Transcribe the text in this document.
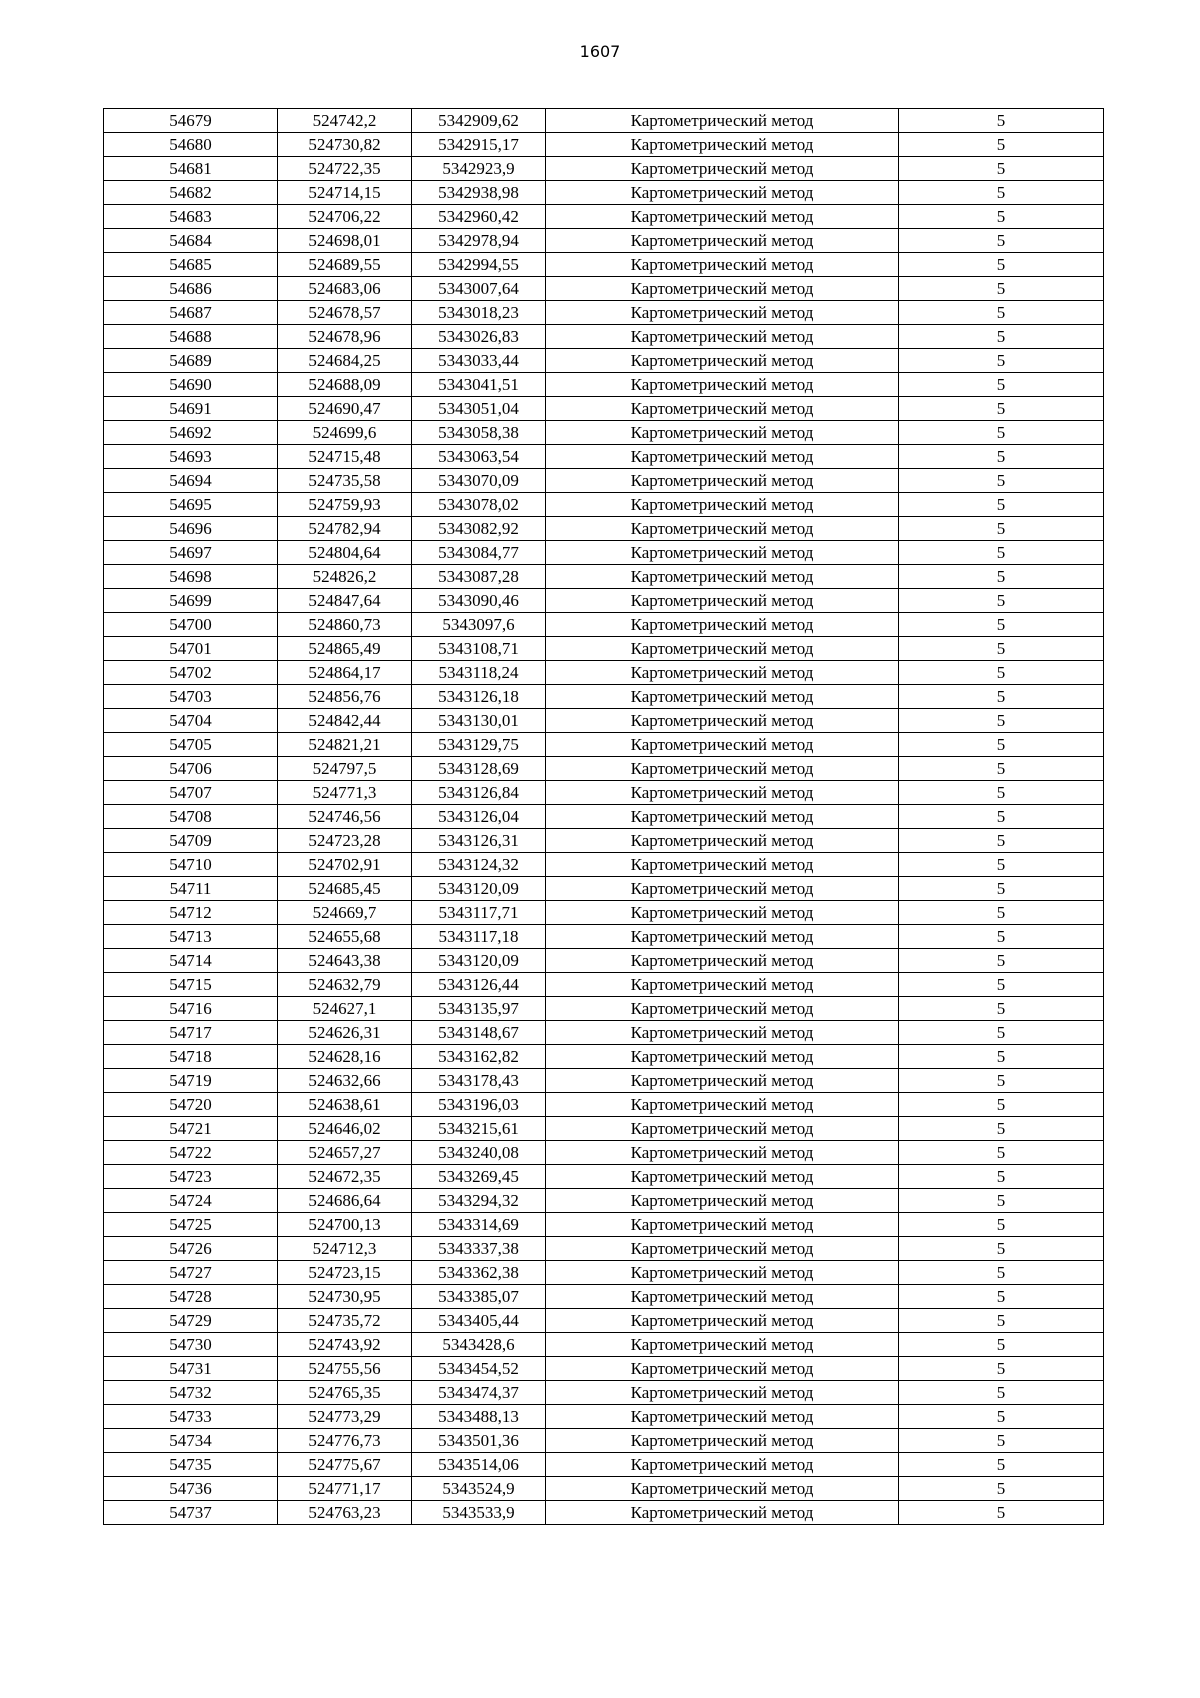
1607
54679	524742,2	5342909,62	Картометрический метод	5
54680	524730,82	5342915,17	Картометрический метод	5
54681	524722,35	5342923,9	Картометрический метод	5
54682	524714,15	5342938,98	Картометрический метод	5
54683	524706,22	5342960,42	Картометрический метод	5
54684	524698,01	5342978,94	Картометрический метод	5
54685	524689,55	5342994,55	Картометрический метод	5
54686	524683,06	5343007,64	Картометрический метод	5
54687	524678,57	5343018,23	Картометрический метод	5
54688	524678,96	5343026,83	Картометрический метод	5
54689	524684,25	5343033,44	Картометрический метод	5
54690	524688,09	5343041,51	Картометрический метод	5
54691	524690,47	5343051,04	Картометрический метод	5
54692	524699,6	5343058,38	Картометрический метод	5
54693	524715,48	5343063,54	Картометрический метод	5
54694	524735,58	5343070,09	Картометрический метод	5
54695	524759,93	5343078,02	Картометрический метод	5
54696	524782,94	5343082,92	Картометрический метод	5
54697	524804,64	5343084,77	Картометрический метод	5
54698	524826,2	5343087,28	Картометрический метод	5
54699	524847,64	5343090,46	Картометрический метод	5
54700	524860,73	5343097,6	Картометрический метод	5
54701	524865,49	5343108,71	Картометрический метод	5
54702	524864,17	5343118,24	Картометрический метод	5
54703	524856,76	5343126,18	Картометрический метод	5
54704	524842,44	5343130,01	Картометрический метод	5
54705	524821,21	5343129,75	Картометрический метод	5
54706	524797,5	5343128,69	Картометрический метод	5
54707	524771,3	5343126,84	Картометрический метод	5
54708	524746,56	5343126,04	Картометрический метод	5
54709	524723,28	5343126,31	Картометрический метод	5
54710	524702,91	5343124,32	Картометрический метод	5
54711	524685,45	5343120,09	Картометрический метод	5
54712	524669,7	5343117,71	Картометрический метод	5
54713	524655,68	5343117,18	Картометрический метод	5
54714	524643,38	5343120,09	Картометрический метод	5
54715	524632,79	5343126,44	Картометрический метод	5
54716	524627,1	5343135,97	Картометрический метод	5
54717	524626,31	5343148,67	Картометрический метод	5
54718	524628,16	5343162,82	Картометрический метод	5
54719	524632,66	5343178,43	Картометрический метод	5
54720	524638,61	5343196,03	Картометрический метод	5
54721	524646,02	5343215,61	Картометрический метод	5
54722	524657,27	5343240,08	Картометрический метод	5
54723	524672,35	5343269,45	Картометрический метод	5
54724	524686,64	5343294,32	Картометрический метод	5
54725	524700,13	5343314,69	Картометрический метод	5
54726	524712,3	5343337,38	Картометрический метод	5
54727	524723,15	5343362,38	Картометрический метод	5
54728	524730,95	5343385,07	Картометрический метод	5
54729	524735,72	5343405,44	Картометрический метод	5
54730	524743,92	5343428,6	Картометрический метод	5
54731	524755,56	5343454,52	Картометрический метод	5
54732	524765,35	5343474,37	Картометрический метод	5
54733	524773,29	5343488,13	Картометрический метод	5
54734	524776,73	5343501,36	Картометрический метод	5
54735	524775,67	5343514,06	Картометрический метод	5
54736	524771,17	5343524,9	Картометрический метод	5
54737	524763,23	5343533,9	Картометрический метод	5
